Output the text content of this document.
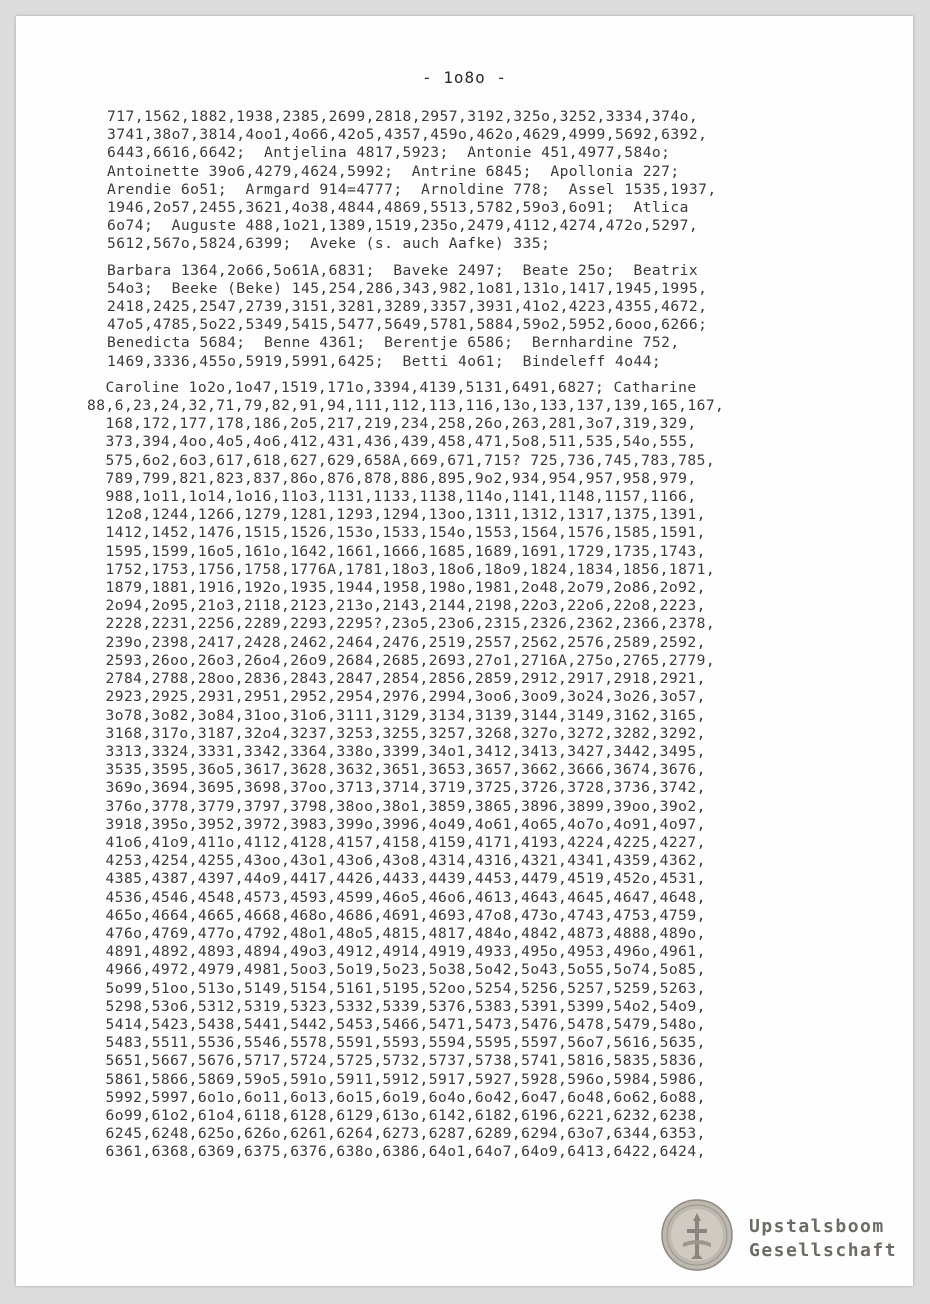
- 1o8o -
717,1562,1882,1938,2385,2699,2818,2957,3192,325o,3252,3334,374o,
3741,38o7,3814,4oo1,4o66,42o5,4357,459o,462o,4629,4999,5692,6392,
6443,6616,6642;  Antjelina 4817,5923;  Antonie 451,4977,584o;
Antoinette 39o6,4279,4624,5992;  Antrine 6845;  Apollonia 227;
Arendie 6o51;  Armgard 914=4777;  Arnoldine 778;  Assel 1535,1937,
1946,2o57,2455,3621,4o38,4844,4869,5513,5782,59o3,6o91;  Atlica
6o74;  Auguste 488,1o21,1389,1519,235o,2479,4112,4274,472o,5297,
5612,567o,5824,6399;  Aveke (s. auch Aafke) 335;
Barbara 1364,2o66,5o61A,6831;  Baveke 2497;  Beate 25o;  Beatrix
54o3;  Beeke (Beke) 145,254,286,343,982,1o81,131o,1417,1945,1995,
2418,2425,2547,2739,3151,3281,3289,3357,3931,41o2,4223,4355,4672,
47o5,4785,5o22,5349,5415,5477,5649,5781,5884,59o2,5952,6ooo,6266;
Benedicta 5684;  Benne 4361;  Berentje 6586;  Bernhardine 752,
1469,3336,455o,5919,5991,6425;  Betti 4o61;  Bindeleff 4o44;
Caroline 1o2o,1o47,1519,171o,3394,4139,5131,6491,6827; Catharine
88,6,23,24,32,71,79,82,91,94,111,112,113,116,13o,133,137,139,165,167,
168,172,177,178,186,2o5,217,219,234,258,26o,263,281,3o7,319,329,
373,394,4oo,4o5,4o6,412,431,436,439,458,471,5o8,511,535,54o,555,
575,6o2,6o3,617,618,627,629,658A,669,671,715? 725,736,745,783,785,
789,799,821,823,837,86o,876,878,886,895,9o2,934,954,957,958,979,
988,1o11,1o14,1o16,11o3,1131,1133,1138,114o,1141,1148,1157,1166,
12o8,1244,1266,1279,1281,1293,1294,13oo,1311,1312,1317,1375,1391,
1412,1452,1476,1515,1526,153o,1533,154o,1553,1564,1576,1585,1591,
1595,1599,16o5,161o,1642,1661,1666,1685,1689,1691,1729,1735,1743,
1752,1753,1756,1758,1776A,1781,18o3,18o6,18o9,1824,1834,1856,1871,
1879,1881,1916,192o,1935,1944,1958,198o,1981,2o48,2o79,2o86,2o92,
2o94,2o95,21o3,2118,2123,213o,2143,2144,2198,22o3,22o6,22o8,2223,
2228,2231,2256,2289,2293,2295?,23o5,23o6,2315,2326,2362,2366,2378,
239o,2398,2417,2428,2462,2464,2476,2519,2557,2562,2576,2589,2592,
2593,26oo,26o3,26o4,26o9,2684,2685,2693,27o1,2716A,275o,2765,2779,
2784,2788,28oo,2836,2843,2847,2854,2856,2859,2912,2917,2918,2921,
2923,2925,2931,2951,2952,2954,2976,2994,3oo6,3oo9,3o24,3o26,3o57,
3o78,3o82,3o84,31oo,31o6,3111,3129,3134,3139,3144,3149,3162,3165,
3168,317o,3187,32o4,3237,3253,3255,3257,3268,327o,3272,3282,3292,
3313,3324,3331,3342,3364,338o,3399,34o1,3412,3413,3427,3442,3495,
3535,3595,36o5,3617,3628,3632,3651,3653,3657,3662,3666,3674,3676,
369o,3694,3695,3698,37oo,3713,3714,3719,3725,3726,3728,3736,3742,
376o,3778,3779,3797,3798,38oo,38o1,3859,3865,3896,3899,39oo,39o2,
3918,395o,3952,3972,3983,399o,3996,4o49,4o61,4o65,4o7o,4o91,4o97,
41o6,41o9,411o,4112,4128,4157,4158,4159,4171,4193,4224,4225,4227,
4253,4254,4255,43oo,43o1,43o6,43o8,4314,4316,4321,4341,4359,4362,
4385,4387,4397,44o9,4417,4426,4433,4439,4453,4479,4519,452o,4531,
4536,4546,4548,4573,4593,4599,46o5,46o6,4613,4643,4645,4647,4648,
465o,4664,4665,4668,468o,4686,4691,4693,47o8,473o,4743,4753,4759,
476o,4769,477o,4792,48o1,48o5,4815,4817,484o,4842,4873,4888,489o,
4891,4892,4893,4894,49o3,4912,4914,4919,4933,495o,4953,496o,4961,
4966,4972,4979,4981,5oo3,5o19,5o23,5o38,5o42,5o43,5o55,5o74,5o85,
5o99,51oo,513o,5149,5154,5161,5195,52oo,5254,5256,5257,5259,5263,
5298,53o6,5312,5319,5323,5332,5339,5376,5383,5391,5399,54o2,54o9,
5414,5423,5438,5441,5442,5453,5466,5471,5473,5476,5478,5479,548o,
5483,5511,5536,5546,5578,5591,5593,5594,5595,5597,56o7,5616,5635,
5651,5667,5676,5717,5724,5725,5732,5737,5738,5741,5816,5835,5836,
5861,5866,5869,59o5,591o,5911,5912,5917,5927,5928,596o,5984,5986,
5992,5997,6o1o,6o11,6o13,6o15,6o19,6o4o,6o42,6o47,6o48,6o62,6o88,
6o99,61o2,61o4,6118,6128,6129,613o,6142,6182,6196,6221,6232,6238,
6245,6248,625o,626o,6261,6264,6273,6287,6289,6294,63o7,6344,6353,
6361,6368,6369,6375,6376,638o,6386,64o1,64o7,64o9,6413,6422,6424,
Upstalsboom
Gesellschaft
